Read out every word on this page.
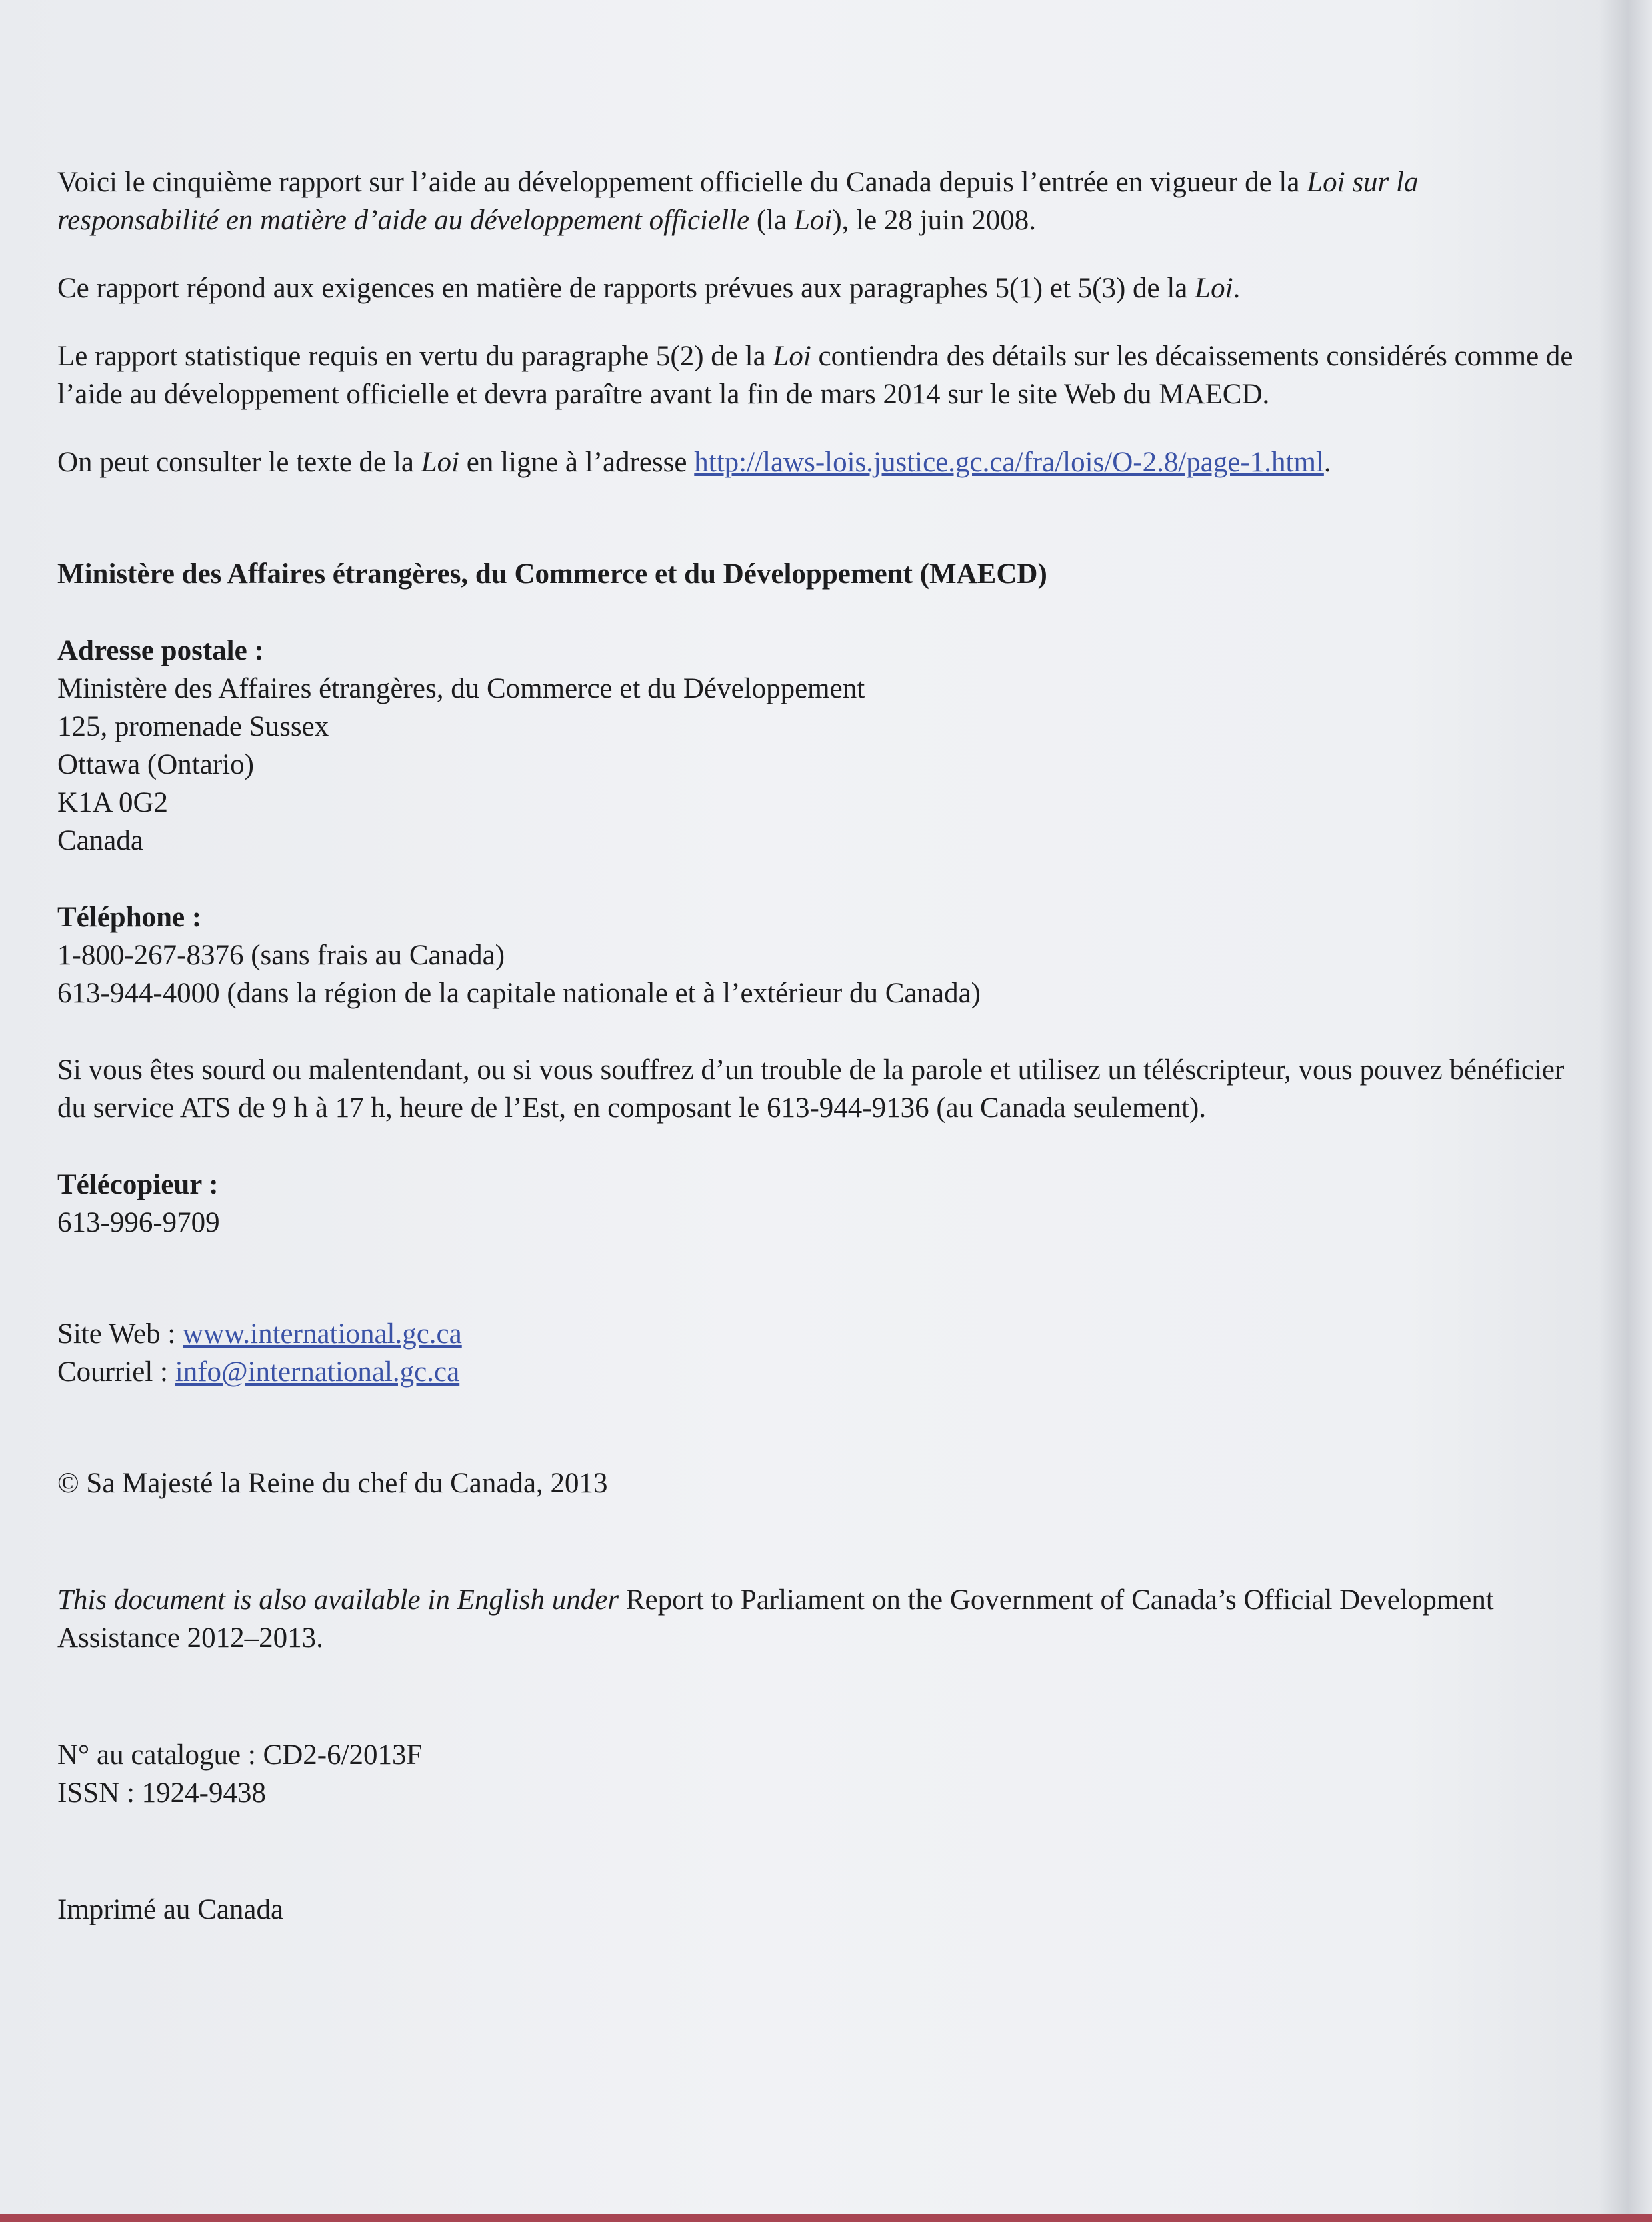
Voici le cinquième rapport sur l’aide au développement officielle du Canada depuis l’entrée en vigueur de la Loi sur la responsabilité en matière d’aide au développement officielle (la Loi), le 28 juin 2008.

Ce rapport répond aux exigences en matière de rapports prévues aux paragraphes 5(1) et 5(3) de la Loi.

Le rapport statistique requis en vertu du paragraphe 5(2) de la Loi contiendra des détails sur les décaissements considérés comme de l’aide au développement officielle et devra paraître avant la fin de mars 2014 sur le site Web du MAECD.

On peut consulter le texte de la Loi en ligne à l’adresse http://laws-lois.justice.gc.ca/fra/lois/O-2.8/page-1.html.

Ministère des Affaires étrangères, du Commerce et du Développement (MAECD)

Adresse postale :

Ministère des Affaires étrangères, du Commerce et du Développement

125, promenade Sussex

Ottawa (Ontario)

K1A 0G2

Canada

Téléphone :

1-800-267-8376 (sans frais au Canada)

613-944-4000 (dans la région de la capitale nationale et à l’extérieur du Canada)

Si vous êtes sourd ou malentendant, ou si vous souffrez d’un trouble de la parole et utilisez un téléscripteur, vous pouvez bénéficier du service ATS de 9 h à 17 h, heure de l’Est, en composant le 613-944-9136 (au Canada seulement).

Télécopieur :

613-996-9709

Site Web : www.international.gc.ca

Courriel : info@international.gc.ca

© Sa Majesté la Reine du chef du Canada, 2013

This document is also available in English under Report to Parliament on the Government of Canada’s Official Development Assistance 2012–2013.

N° au catalogue : CD2-6/2013F

ISSN : 1924-9438

Imprimé au Canada
